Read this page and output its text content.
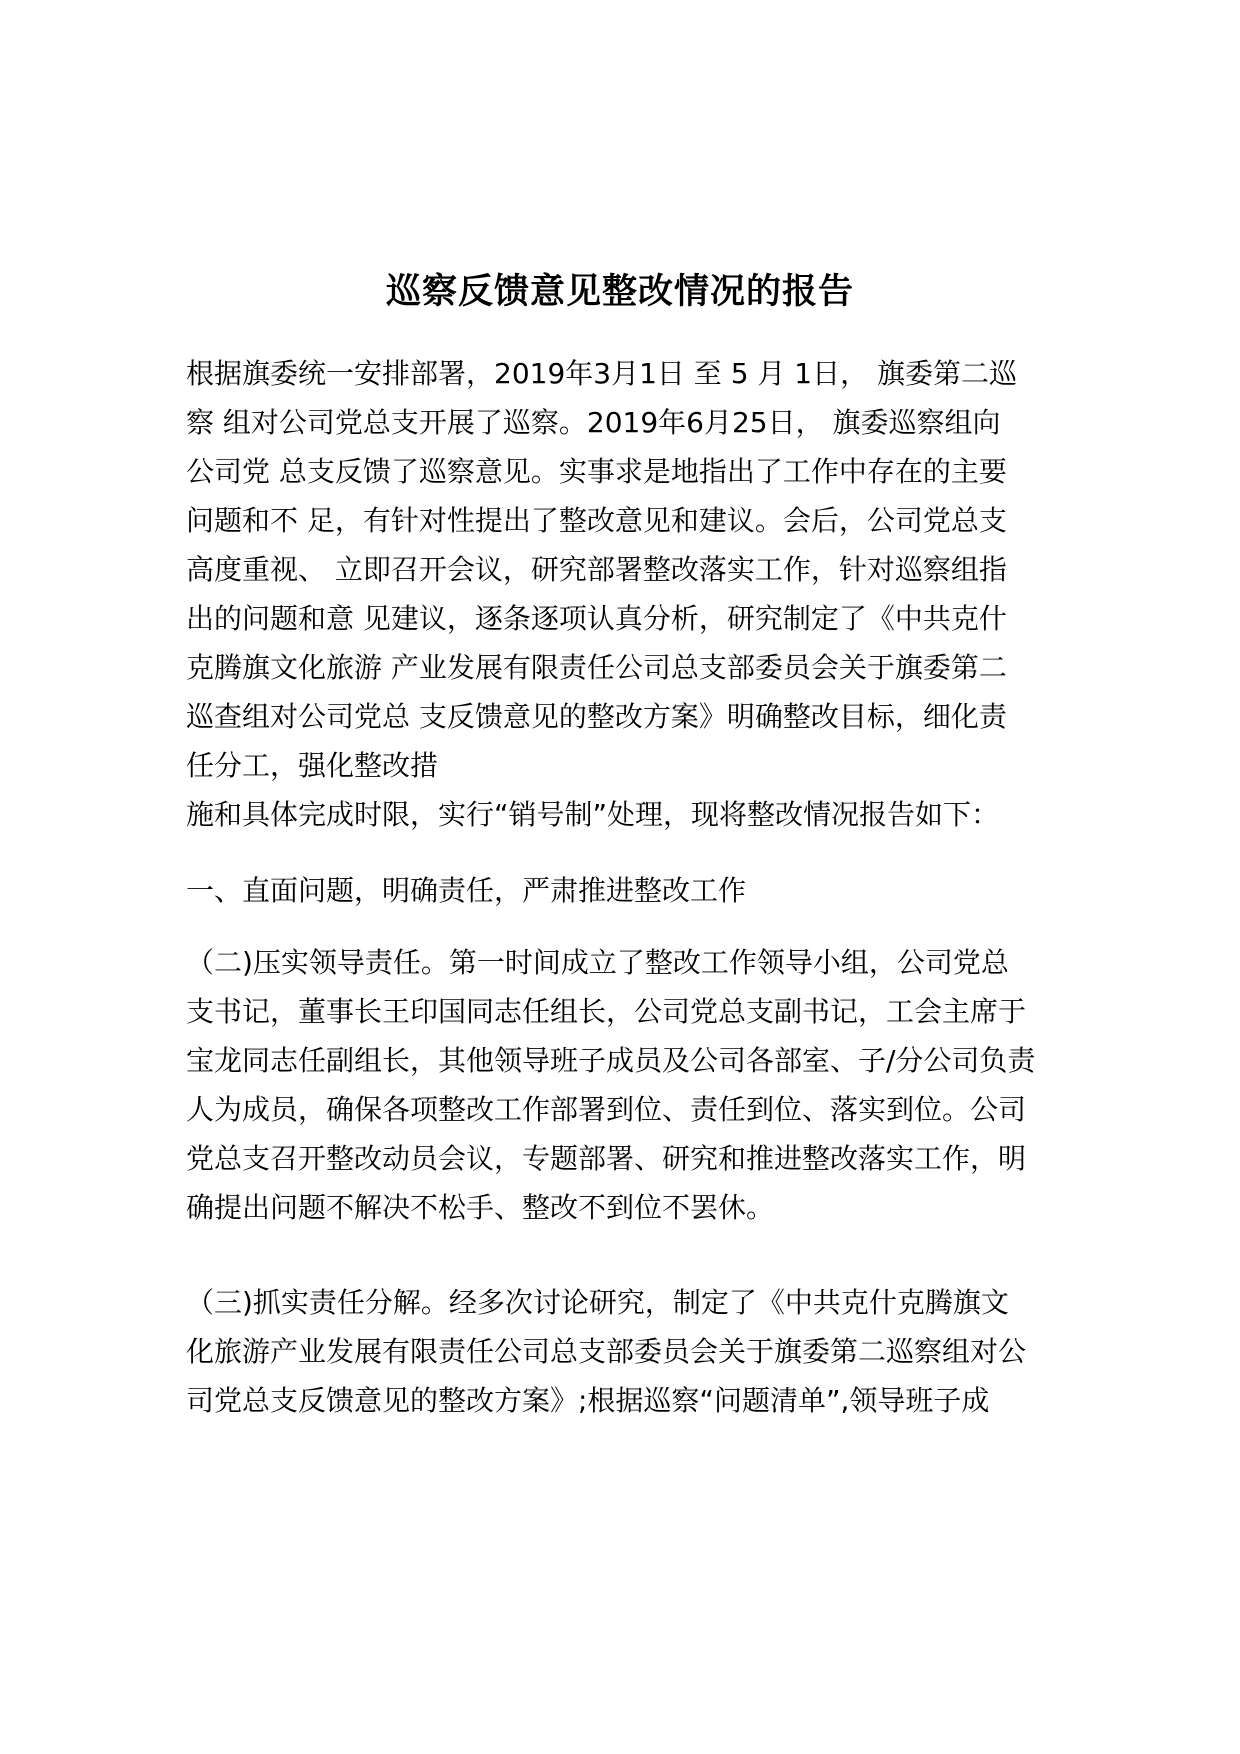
巡察反馈意见整改情况的报告
根据旗委统一安排部署，2019年3月1日 至 5 月 1日， 旗委第二巡
察 组对公司党总支开展了巡察。2019年6月25日， 旗委巡察组向
公司党 总支反馈了巡察意见。实事求是地指出了工作中存在的主要
问题和不 足，有针对性提出了整改意见和建议。会后，公司党总支
高度重视、 立即召开会议，研究部署整改落实工作，针对巡察组指
出的问题和意 见建议，逐条逐项认真分析，研究制定了《中共克什
克腾旗文化旅游 产业发展有限责任公司总支部委员会关于旗委第二
巡查组对公司党总 支反馈意见的整改方案》明确整改目标，细化责
任分工，强化整改措
施和具体完成时限，实行“销号制”处理，现将整改情况报告如下：
一、直面问题，明确责任，严肃推进整改工作
（二)压实领导责任。第一时间成立了整改工作领导小组，公司党总
支书记，董事长王印国同志任组长，公司党总支副书记，工会主席于
宝龙同志任副组长，其他领导班子成员及公司各部室、子/分公司负责
人为成员，确保各项整改工作部署到位、责任到位、落实到位。公司
党总支召开整改动员会议，专题部署、研究和推进整改落实工作，明
确提出问题不解决不松手、整改不到位不罢休。
（三)抓实责任分解。经多次讨论研究，制定了《中共克什克腾旗文
化旅游产业发展有限责任公司总支部委员会关于旗委第二巡察组对公
司党总支反馈意见的整改方案》;根据巡察“问题清单”,领导班子成
